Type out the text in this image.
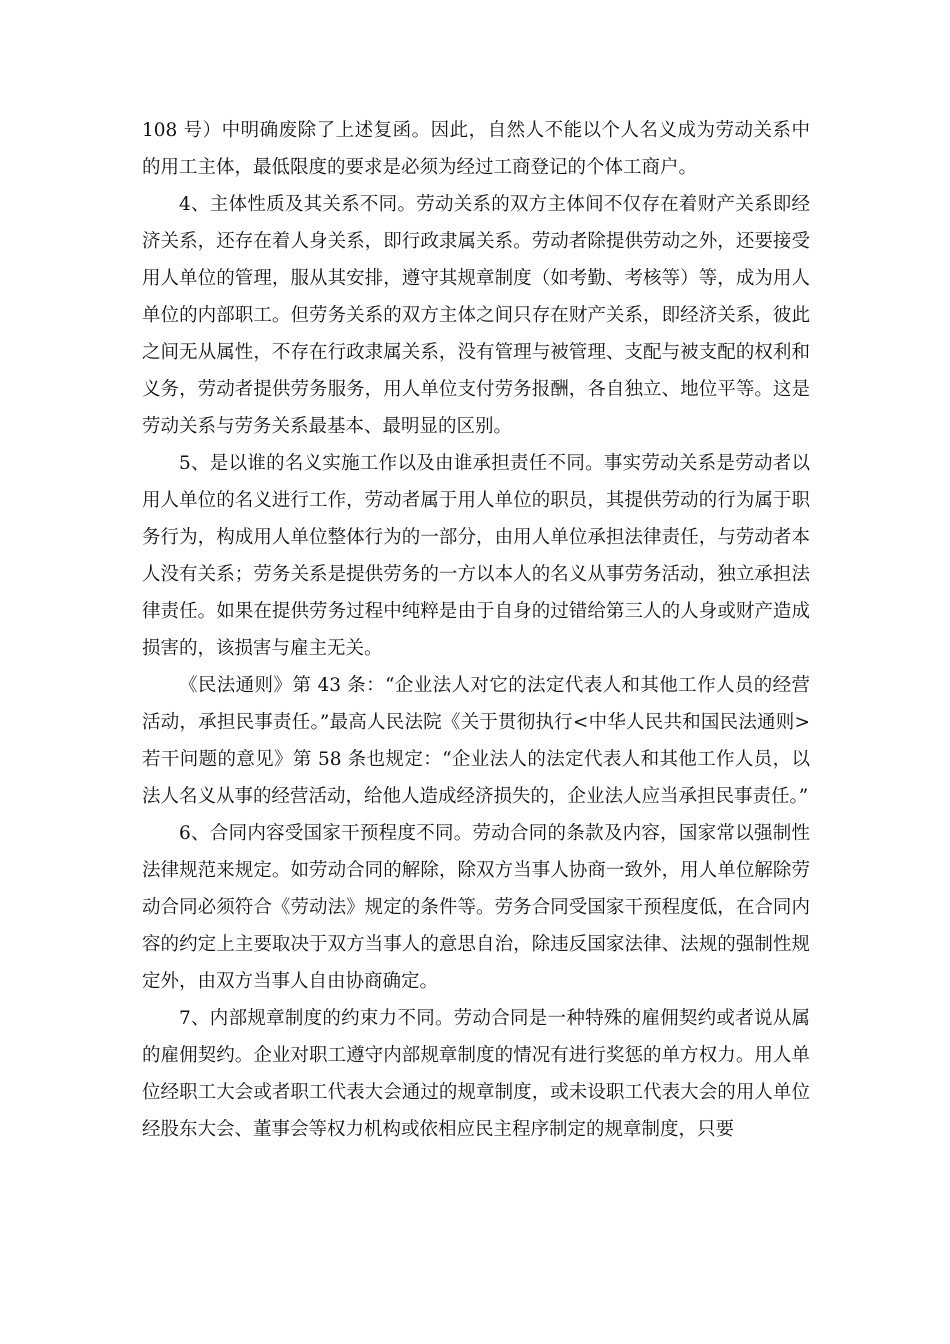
108 号）中明确废除了上述复函。因此，自然人不能以个人名义成为劳动关系中的用工主体，最低限度的要求是必须为经过工商登记的个体工商户。

4、主体性质及其关系不同。劳动关系的双方主体间不仅存在着财产关系即经济关系，还存在着人身关系，即行政隶属关系。劳动者除提供劳动之外，还要接受用人单位的管理，服从其安排，遵守其规章制度（如考勤、考核等）等，成为用人单位的内部职工。但劳务关系的双方主体之间只存在财产关系，即经济关系，彼此之间无从属性，不存在行政隶属关系，没有管理与被管理、支配与被支配的权利和义务，劳动者提供劳务服务，用人单位支付劳务报酬，各自独立、地位平等。这是劳动关系与劳务关系最基本、最明显的区别。

5、是以谁的名义实施工作以及由谁承担责任不同。事实劳动关系是劳动者以用人单位的名义进行工作，劳动者属于用人单位的职员，其提供劳动的行为属于职务行为，构成用人单位整体行为的一部分，由用人单位承担法律责任，与劳动者本人没有关系；劳务关系是提供劳务的一方以本人的名义从事劳务活动，独立承担法律责任。如果在提供劳务过程中纯粹是由于自身的过错给第三人的人身或财产造成损害的，该损害与雇主无关。

《民法通则》第 43 条：“企业法人对它的法定代表人和其他工作人员的经营活动，承担民事责任。”最高人民法院《关于贯彻执行<中华人民共和国民法通则>若干问题的意见》第 58 条也规定：“企业法人的法定代表人和其他工作人员，以法人名义从事的经营活动，给他人造成经济损失的，企业法人应当承担民事责任。”

6、合同内容受国家干预程度不同。劳动合同的条款及内容，国家常以强制性法律规范来规定。如劳动合同的解除，除双方当事人协商一致外，用人单位解除劳动合同必须符合《劳动法》规定的条件等。劳务合同受国家干预程度低，在合同内容的约定上主要取决于双方当事人的意思自治，除违反国家法律、法规的强制性规定外，由双方当事人自由协商确定。

7、内部规章制度的约束力不同。劳动合同是一种特殊的雇佣契约或者说从属的雇佣契约。企业对职工遵守内部规章制度的情况有进行奖惩的单方权力。用人单位经职工大会或者职工代表大会通过的规章制度，或未设职工代表大会的用人单位经股东大会、董事会等权力机构或依相应民主程序制定的规章制度，只要
